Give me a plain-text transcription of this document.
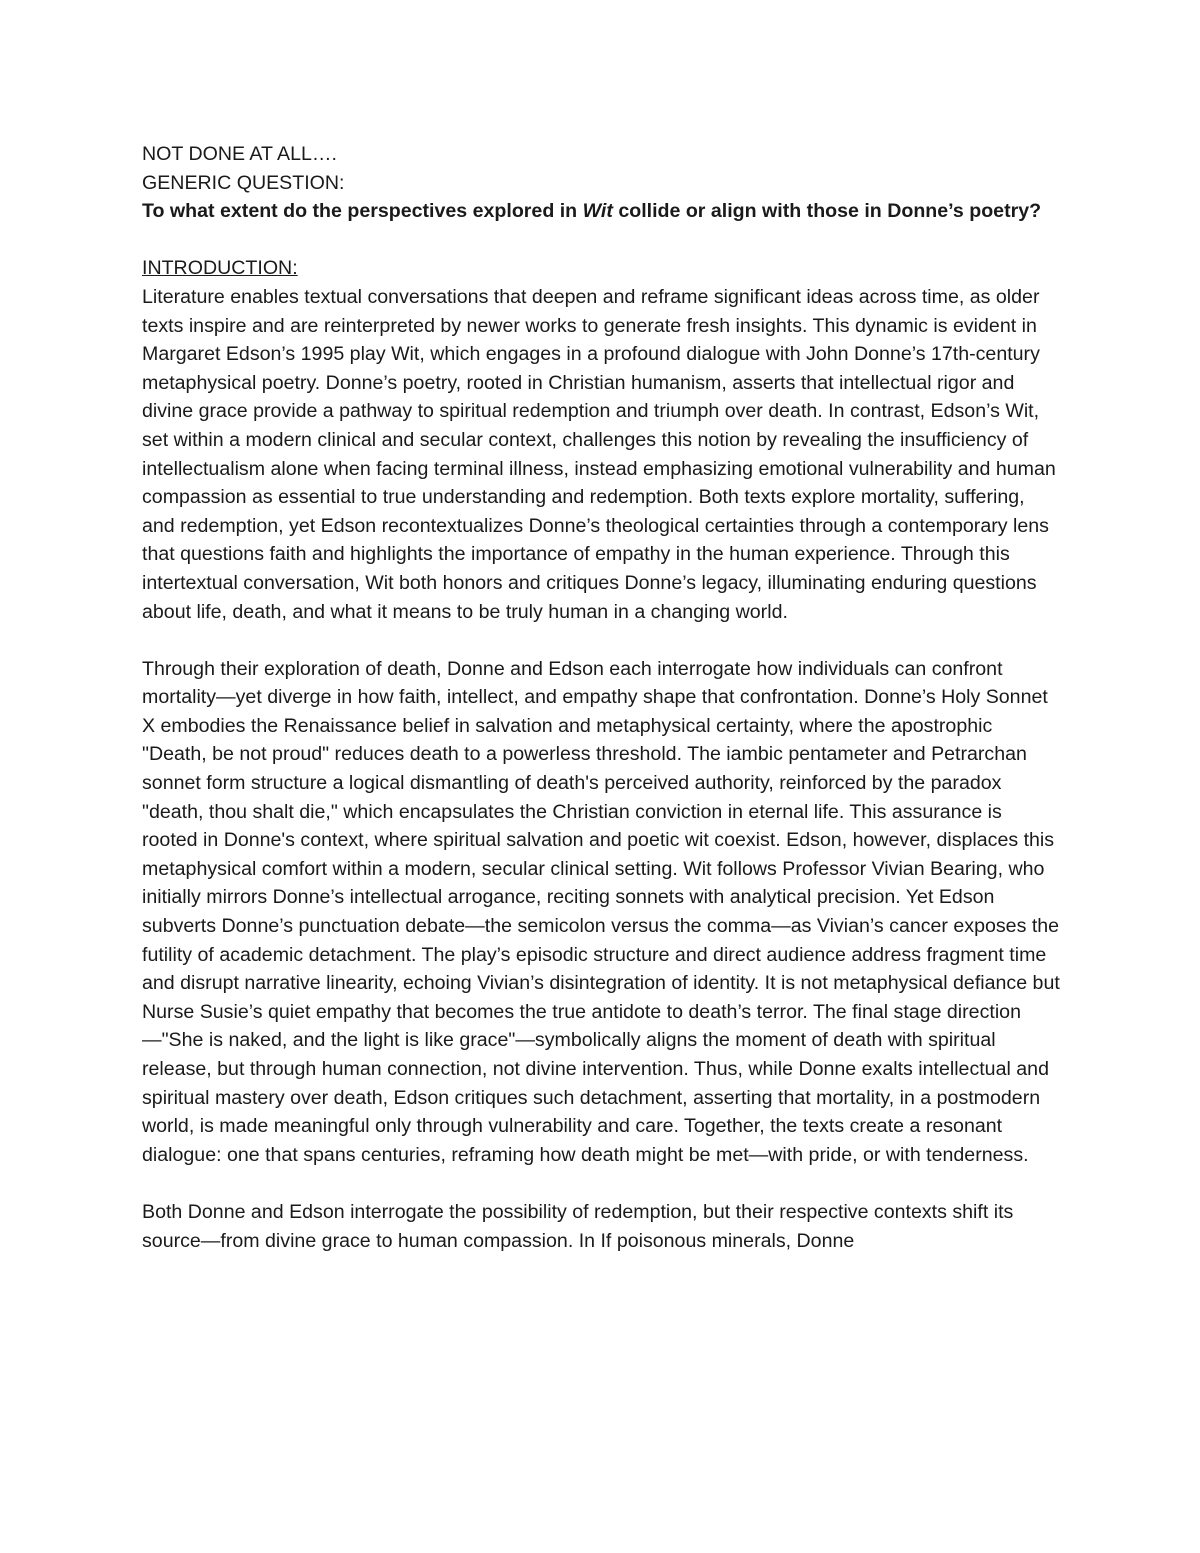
NOT DONE AT ALL….

GENERIC QUESTION:

To what extent do the perspectives explored in Wit collide or align with those in Donne’s poetry?

INTRODUCTION:

Literature enables textual conversations that deepen and reframe significant ideas across time, as older texts inspire and are reinterpreted by newer works to generate fresh insights. This dynamic is evident in Margaret Edson’s 1995 play Wit, which engages in a profound dialogue with John Donne’s 17th-century metaphysical poetry. Donne’s poetry, rooted in Christian humanism, asserts that intellectual rigor and divine grace provide a pathway to spiritual redemption and triumph over death. In contrast, Edson’s Wit, set within a modern clinical and secular context, challenges this notion by revealing the insufficiency of intellectualism alone when facing terminal illness, instead emphasizing emotional vulnerability and human compassion as essential to true understanding and redemption. Both texts explore mortality, suffering, and redemption, yet Edson recontextualizes Donne’s theological certainties through a contemporary lens that questions faith and highlights the importance of empathy in the human experience. Through this intertextual conversation, Wit both honors and critiques Donne’s legacy, illuminating enduring questions about life, death, and what it means to be truly human in a changing world.

Through their exploration of death, Donne and Edson each interrogate how individuals can confront mortality—yet diverge in how faith, intellect, and empathy shape that confrontation. Donne’s Holy Sonnet X embodies the Renaissance belief in salvation and metaphysical certainty, where the apostrophic "Death, be not proud" reduces death to a powerless threshold. The iambic pentameter and Petrarchan sonnet form structure a logical dismantling of death's perceived authority, reinforced by the paradox "death, thou shalt die," which encapsulates the Christian conviction in eternal life. This assurance is rooted in Donne's context, where spiritual salvation and poetic wit coexist. Edson, however, displaces this metaphysical comfort within a modern, secular clinical setting. Wit follows Professor Vivian Bearing, who initially mirrors Donne’s intellectual arrogance, reciting sonnets with analytical precision. Yet Edson subverts Donne’s punctuation debate—the semicolon versus the comma—as Vivian’s cancer exposes the futility of academic detachment. The play’s episodic structure and direct audience address fragment time and disrupt narrative linearity, echoing Vivian’s disintegration of identity. It is not metaphysical defiance but Nurse Susie’s quiet empathy that becomes the true antidote to death’s terror. The final stage direction—"She is naked, and the light is like grace"—symbolically aligns the moment of death with spiritual release, but through human connection, not divine intervention. Thus, while Donne exalts intellectual and spiritual mastery over death, Edson critiques such detachment, asserting that mortality, in a postmodern world, is made meaningful only through vulnerability and care. Together, the texts create a resonant dialogue: one that spans centuries, reframing how death might be met—with pride, or with tenderness.

Both Donne and Edson interrogate the possibility of redemption, but their respective contexts shift its source—from divine grace to human compassion. In If poisonous minerals, Donne
